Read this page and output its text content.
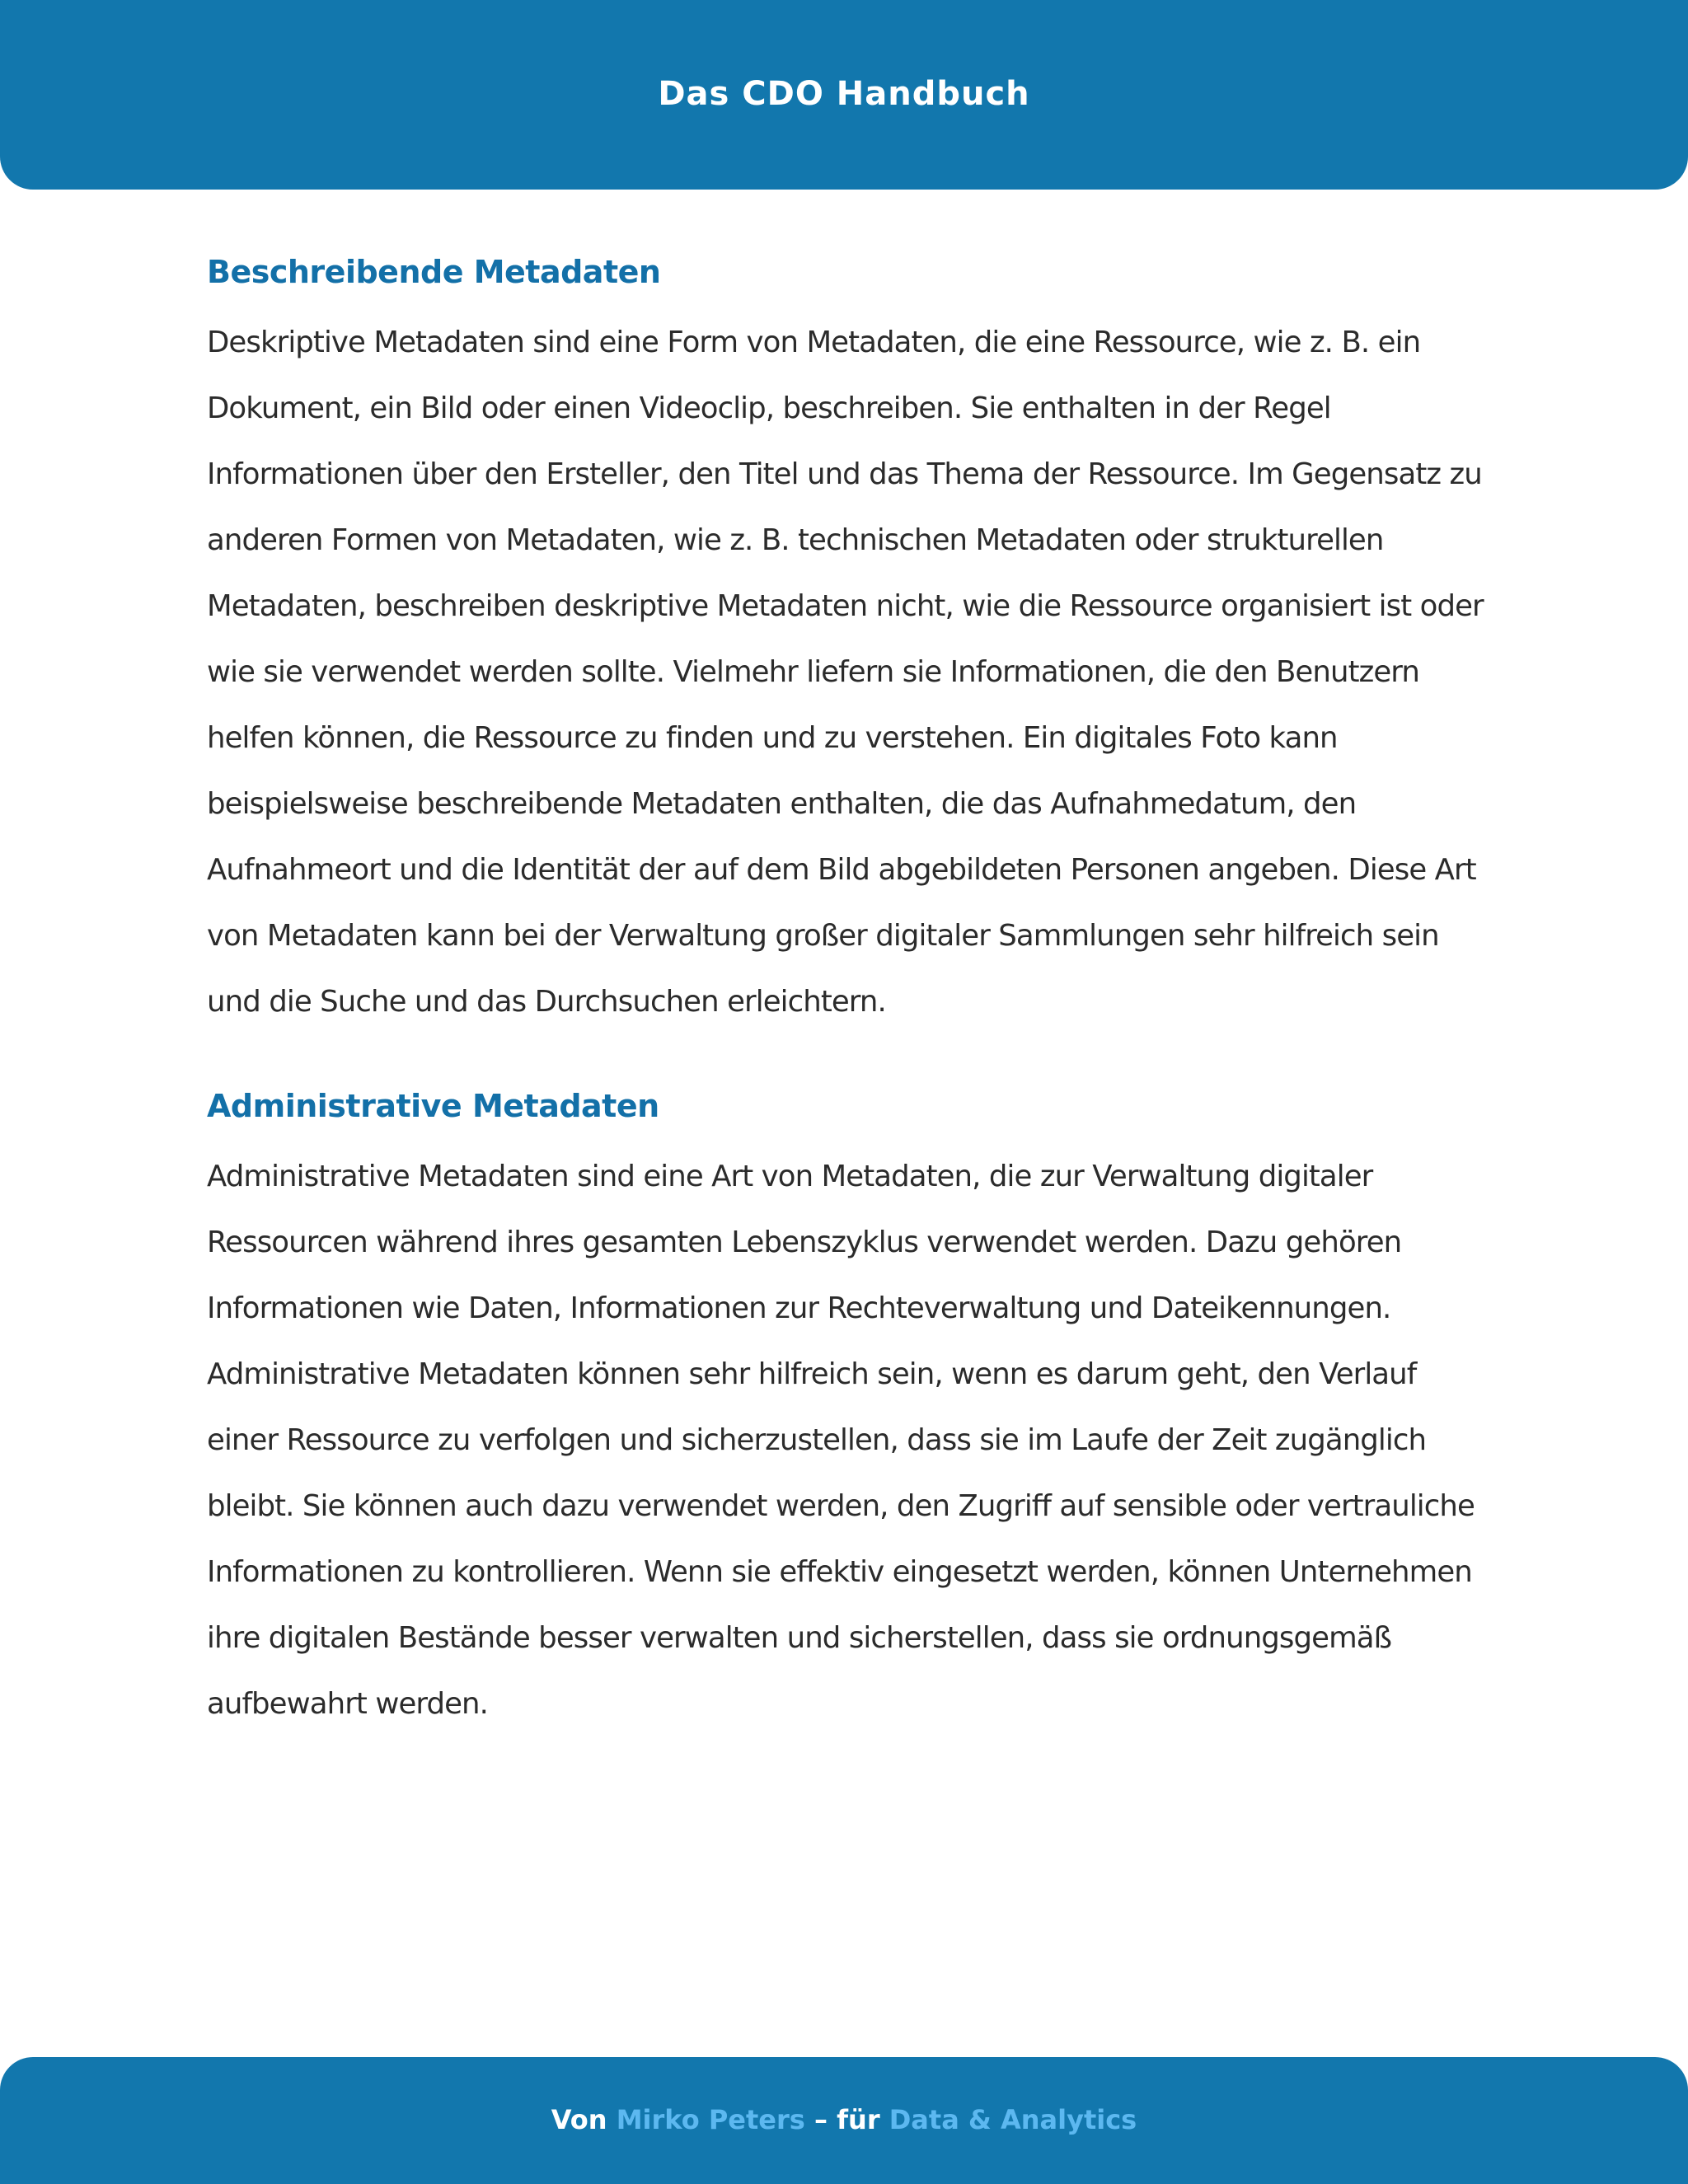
Das CDO Handbuch
Beschreibende Metadaten

Deskriptive Metadaten sind eine Form von Metadaten, die eine Ressource, wie z. B. ein
Dokument, ein Bild oder einen Videoclip, beschreiben. Sie enthalten in der Regel
Informationen über den Ersteller, den Titel und das Thema der Ressource. Im Gegensatz zu
anderen Formen von Metadaten, wie z. B. technischen Metadaten oder strukturellen
Metadaten, beschreiben deskriptive Metadaten nicht, wie die Ressource organisiert ist oder
wie sie verwendet werden sollte. Vielmehr liefern sie Informationen, die den Benutzern
helfen können, die Ressource zu finden und zu verstehen. Ein digitales Foto kann
beispielsweise beschreibende Metadaten enthalten, die das Aufnahmedatum, den
Aufnahmeort und die Identität der auf dem Bild abgebildeten Personen angeben. Diese Art
von Metadaten kann bei der Verwaltung großer digitaler Sammlungen sehr hilfreich sein
und die Suche und das Durchsuchen erleichtern.

Administrative Metadaten

Administrative Metadaten sind eine Art von Metadaten, die zur Verwaltung digitaler
Ressourcen während ihres gesamten Lebenszyklus verwendet werden. Dazu gehören
Informationen wie Daten, Informationen zur Rechteverwaltung und Dateikennungen.
Administrative Metadaten können sehr hilfreich sein, wenn es darum geht, den Verlauf
einer Ressource zu verfolgen und sicherzustellen, dass sie im Laufe der Zeit zugänglich
bleibt. Sie können auch dazu verwendet werden, den Zugriff auf sensible oder vertrauliche
Informationen zu kontrollieren. Wenn sie effektiv eingesetzt werden, können Unternehmen
ihre digitalen Bestände besser verwalten und sicherstellen, dass sie ordnungsgemäß
aufbewahrt werden.

Von Mirko Peters – für Data & Analytics
